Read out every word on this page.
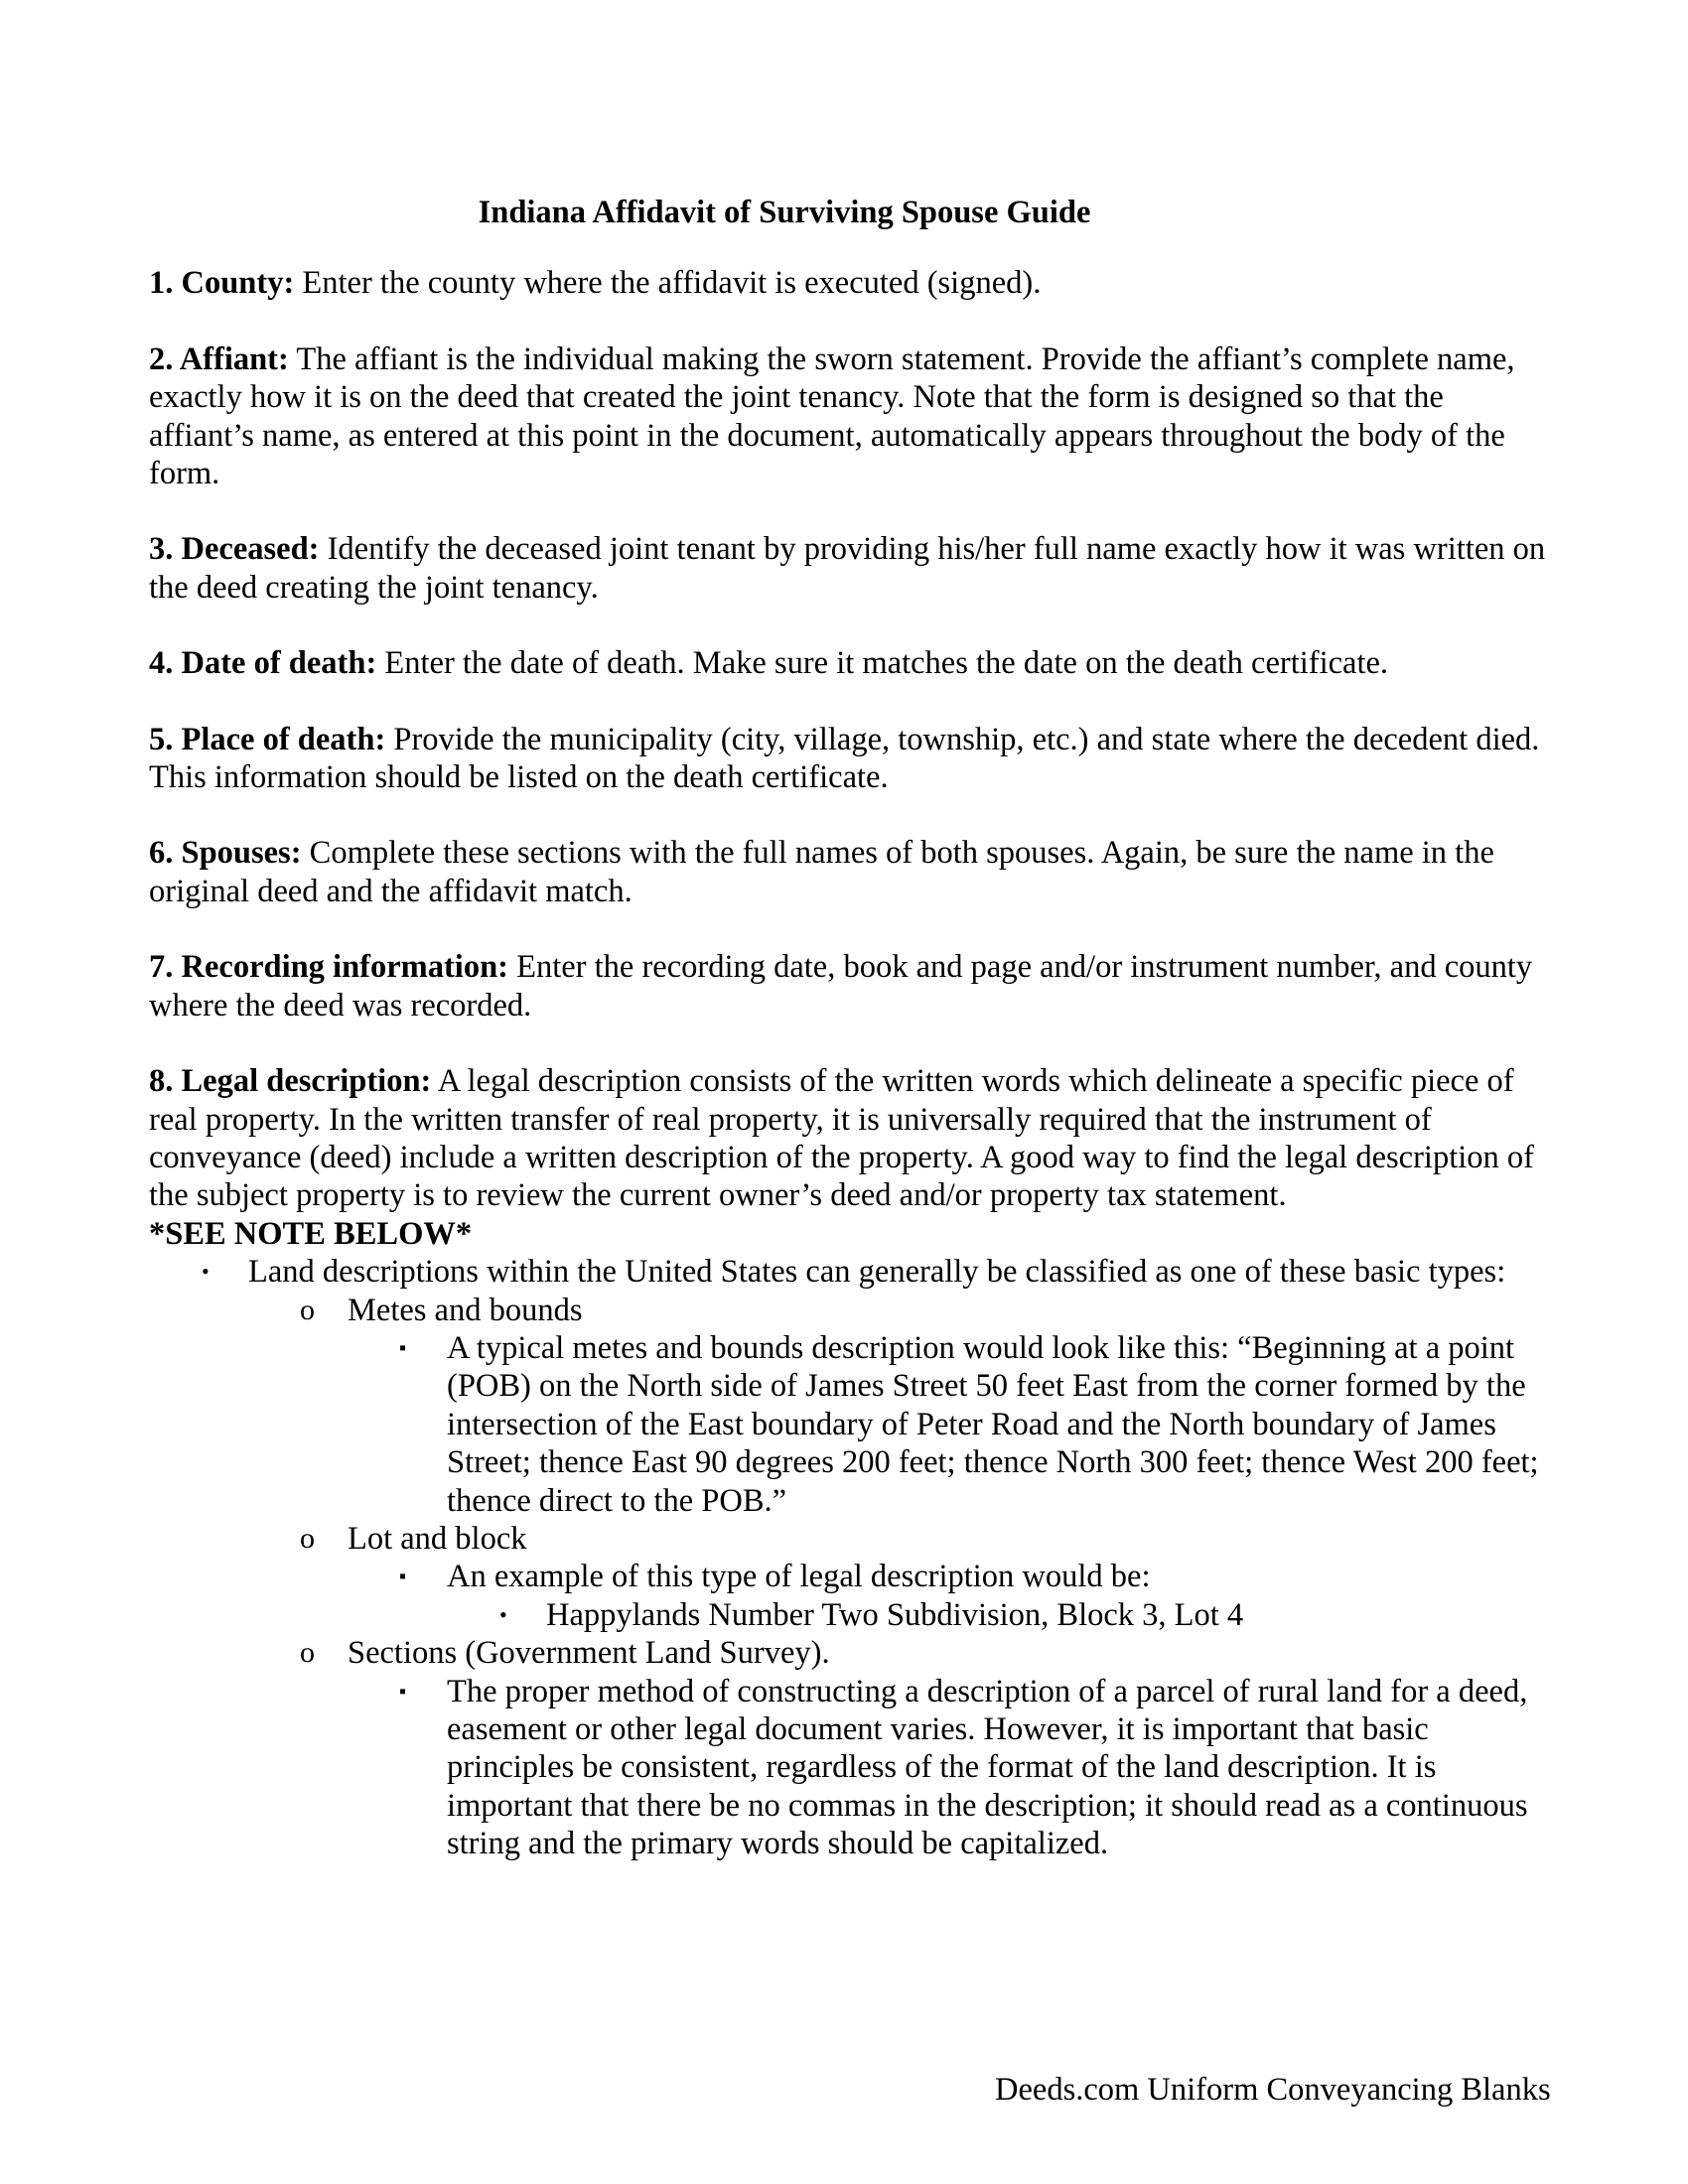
Indiana Affidavit of Surviving Spouse Guide
1. County: Enter the county where the affidavit is executed (signed).
2. Affiant: The affiant is the individual making the sworn statement. Provide the affiant’s complete name, exactly how it is on the deed that created the joint tenancy. Note that the form is designed so that the affiant’s name, as entered at this point in the document, automatically appears throughout the body of the form.
3. Deceased: Identify the deceased joint tenant by providing his/her full name exactly how it was written on the deed creating the joint tenancy.
4. Date of death: Enter the date of death. Make sure it matches the date on the death certificate.
5. Place of death: Provide the municipality (city, village, township, etc.) and state where the decedent died. This information should be listed on the death certificate.
6. Spouses: Complete these sections with the full names of both spouses. Again, be sure the name in the original deed and the affidavit match.
7. Recording information: Enter the recording date, book and page and/or instrument number, and county where the deed was recorded.
8. Legal description: A legal description consists of the written words which delineate a specific piece of real property. In the written transfer of real property, it is universally required that the instrument of conveyance (deed) include a written description of the property. A good way to find the legal description of the subject property is to review the current owner’s deed and/or property tax statement.
*SEE NOTE BELOW*
• Land descriptions within the United States can generally be classified as one of these basic types:
o Metes and bounds
▪ A typical metes and bounds description would look like this: “Beginning at a point (POB) on the North side of James Street 50 feet East from the corner formed by the intersection of the East boundary of Peter Road and the North boundary of James Street; thence East 90 degrees 200 feet; thence North 300 feet; thence West 200 feet; thence direct to the POB.”
o Lot and block
▪ An example of this type of legal description would be:
• Happylands Number Two Subdivision, Block 3, Lot 4
o Sections (Government Land Survey).
▪ The proper method of constructing a description of a parcel of rural land for a deed, easement or other legal document varies. However, it is important that basic principles be consistent, regardless of the format of the land description. It is important that there be no commas in the description; it should read as a continuous string and the primary words should be capitalized.
Deeds.com Uniform Conveyancing Blanks
